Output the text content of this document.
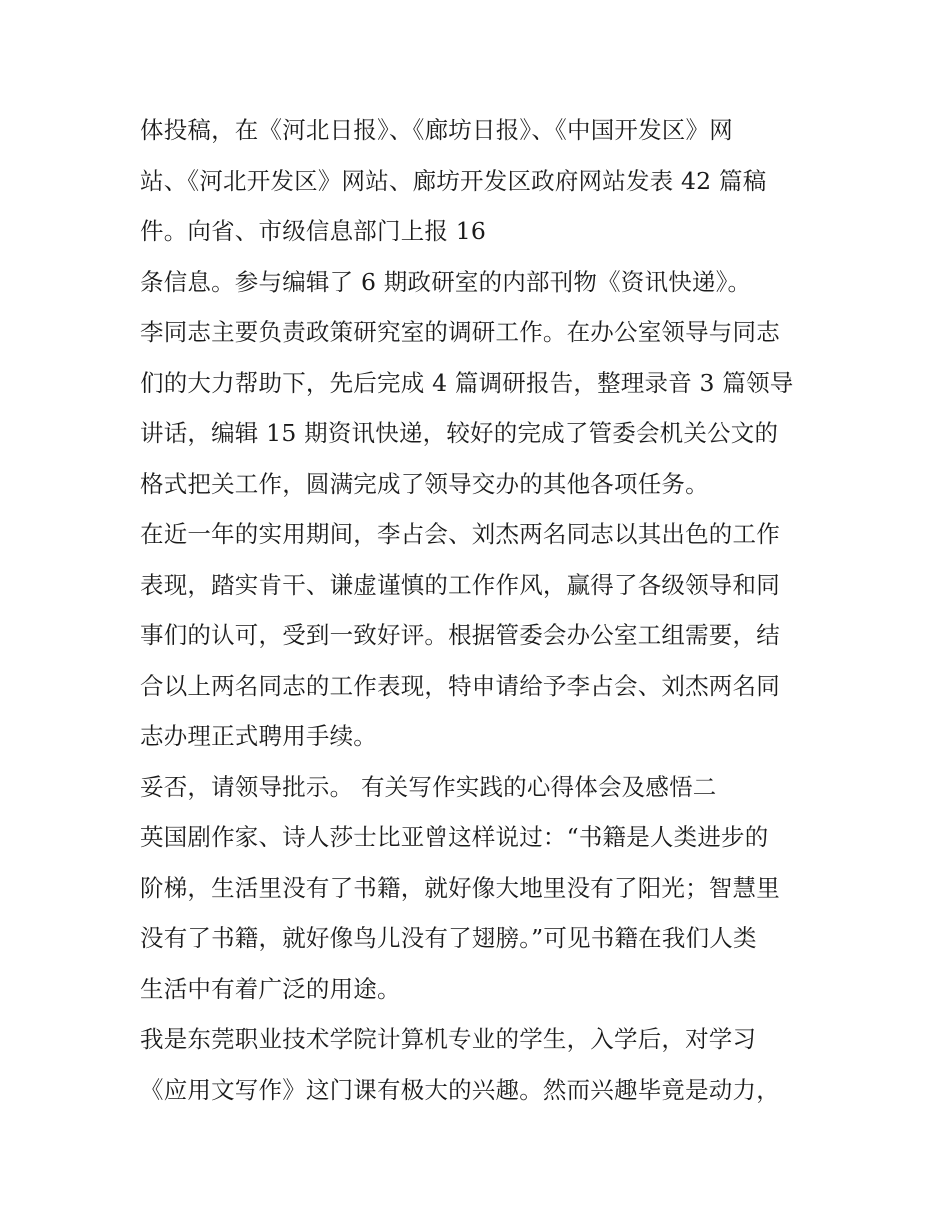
体投稿，在《河北日报》、《廊坊日报》、《中国开发区》网
站、《河北开发区》网站、廊坊开发区政府网站发表 42 篇稿
件。向省、市级信息部门上报 16
条信息。参与编辑了 6 期政研室的内部刊物《资讯快递》。
李同志主要负责政策研究室的调研工作。在办公室领导与同志
们的大力帮助下，先后完成 4 篇调研报告，整理录音 3 篇领导
讲话，编辑 15 期资讯快递，较好的完成了管委会机关公文的
格式把关工作，圆满完成了领导交办的其他各项任务。
在近一年的实用期间，李占会、刘杰两名同志以其出色的工作
表现，踏实肯干、谦虚谨慎的工作作风，赢得了各级领导和同
事们的认可，受到一致好评。根据管委会办公室工组需要，结
合以上两名同志的工作表现，特申请给予李占会、刘杰两名同
志办理正式聘用手续。
妥否，请领导批示。 有关写作实践的心得体会及感悟二
英国剧作家、诗人莎士比亚曾这样说过：“书籍是人类进步的
阶梯，生活里没有了书籍，就好像大地里没有了阳光；智慧里
没有了书籍，就好像鸟儿没有了翅膀。”可见书籍在我们人类
生活中有着广泛的用途。
我是东莞职业技术学院计算机专业的学生，入学后，对学习
《应用文写作》这门课有极大的兴趣。然而兴趣毕竟是动力，
